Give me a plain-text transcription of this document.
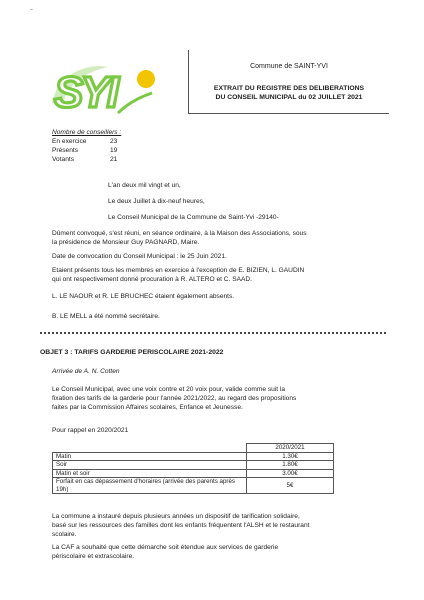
-
SYI
Commune de SAINT-YVI
EXTRAIT DU REGISTRE DES DELIBERATIONS
DU CONSEIL MUNICIPAL du 02 JUILLET 2021
Nombre de conseillers :
En exercice	23
Présents	19
Votants	21
L'an deux mil vingt et un,
Le deux Juillet à dix-neuf heures,
Le Conseil Municipal de la Commune de Saint-Yvi -29140-
Dûment convoqué, s'est réuni, en séance ordinaire, à la Maison des Associations, sous
la présidence de Monsieur Guy PAGNARD, Maire.
Date de convocation du Conseil Municipal : le 25 Juin 2021.
Etaient présents tous les membres en exercice à l'exception de E. BIZIEN, L. GAUDIN
qui ont respectivement donné procuration à R. ALTERO et C. SAAD.
L. LE NAOUR et R. LE BRUCHEC étaient également absents.
B. LE MELL a été nommé secrétaire.
OBJET 3 : TARIFS GARDERIE PERISCOLAIRE 2021-2022
Arrivée de A. N. Cotten
Le Conseil Municipal, avec une voix contre et 20 voix pour, valide comme suit la
fixation des tarifs de la garderie pour l'année 2021/2022, au regard des propositions
faites par la Commission Affaires scolaires, Enfance et Jeunesse.
Pour rappel en 2020/2021
	2020/2021
Matin	1.30€
Soir	1.80€
Matin et soir	3.00€
Forfait en cas dépassement d'horaires (arrivée des parents après 19h)	5€
La commune a instauré depuis plusieurs années un dispositif de tarification solidaire,
basé sur les ressources des familles dont les enfants fréquentent l'ALSH et le restaurant
scolaire.
La CAF a souhaité que cette démarche soit étendue aux services de garderie
périscolaire et extrascolaire.
